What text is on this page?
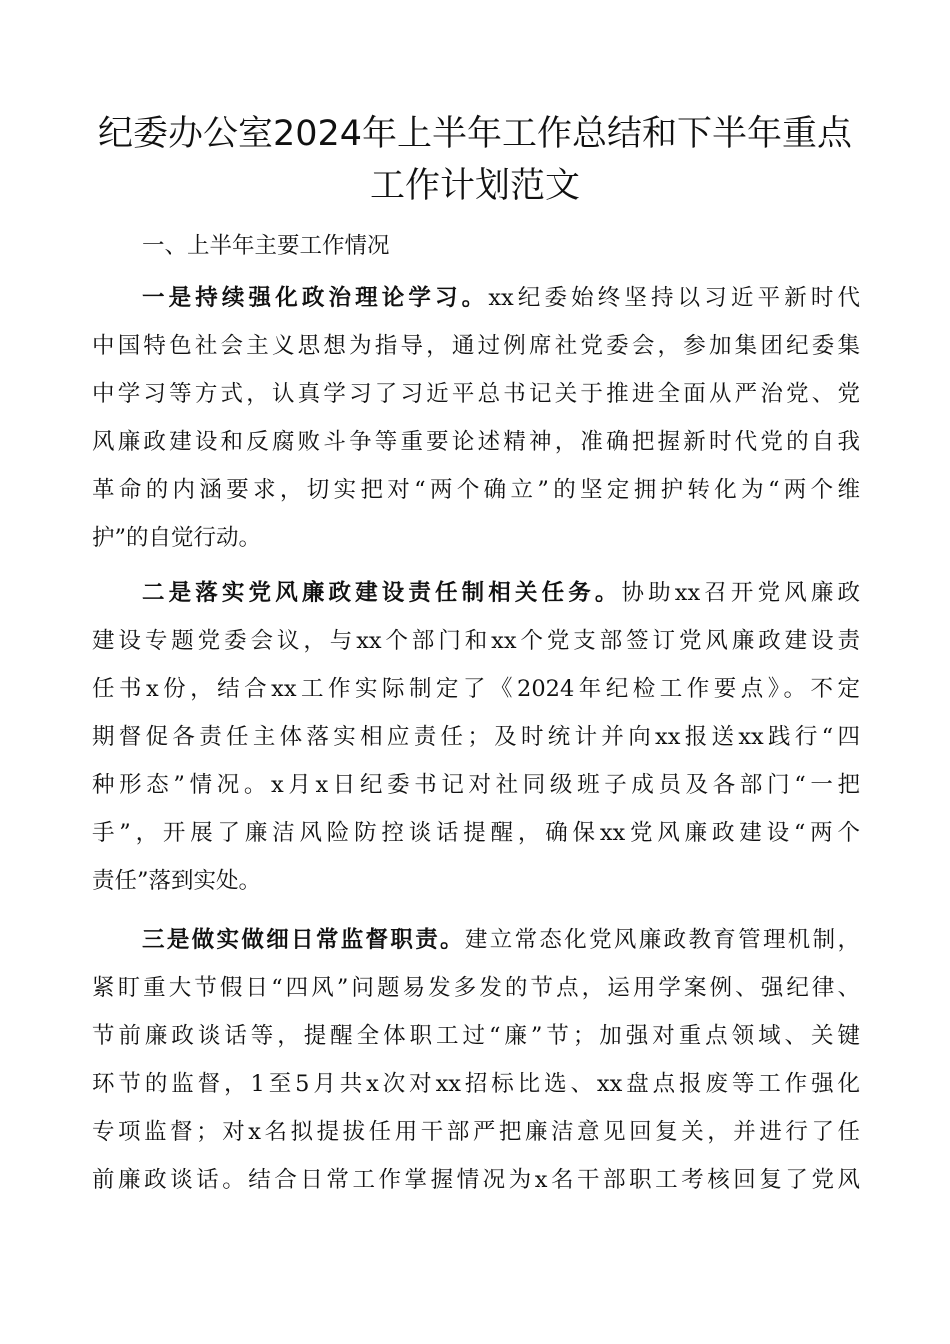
纪委办公室2024年上半年工作总结和下半年重点
工作计划范文
一、上半年主要工作情况
一是持续强化政治理论学习。xx纪委始终坚持以习近平新时代
中国特色社会主义思想为指导，通过例席社党委会，参加集团纪委集
中学习等方式，认真学习了习近平总书记关于推进全面从严治党、党
风廉政建设和反腐败斗争等重要论述精神，准确把握新时代党的自我
革命的内涵要求，切实把对“两个确立”的坚定拥护转化为“两个维
护”的自觉行动。
二是落实党风廉政建设责任制相关任务。协助xx召开党风廉政
建设专题党委会议，与xx个部门和xx个党支部签订党风廉政建设责
任书x份，结合xx工作实际制定了《2024年纪检工作要点》。不定
期督促各责任主体落实相应责任；及时统计并向xx报送xx践行“四
种形态”情况。x月x日纪委书记对社同级班子成员及各部门“一把
手”，开展了廉洁风险防控谈话提醒，确保xx党风廉政建设“两个
责任”落到实处。
三是做实做细日常监督职责。建立常态化党风廉政教育管理机制，
紧盯重大节假日“四风”问题易发多发的节点，运用学案例、强纪律、
节前廉政谈话等，提醒全体职工过“廉”节；加强对重点领域、关键
环节的监督，1至5月共x次对xx招标比选、xx盘点报废等工作强化
专项监督；对x名拟提拔任用干部严把廉洁意见回复关，并进行了任
前廉政谈话。结合日常工作掌握情况为x名干部职工考核回复了党风
